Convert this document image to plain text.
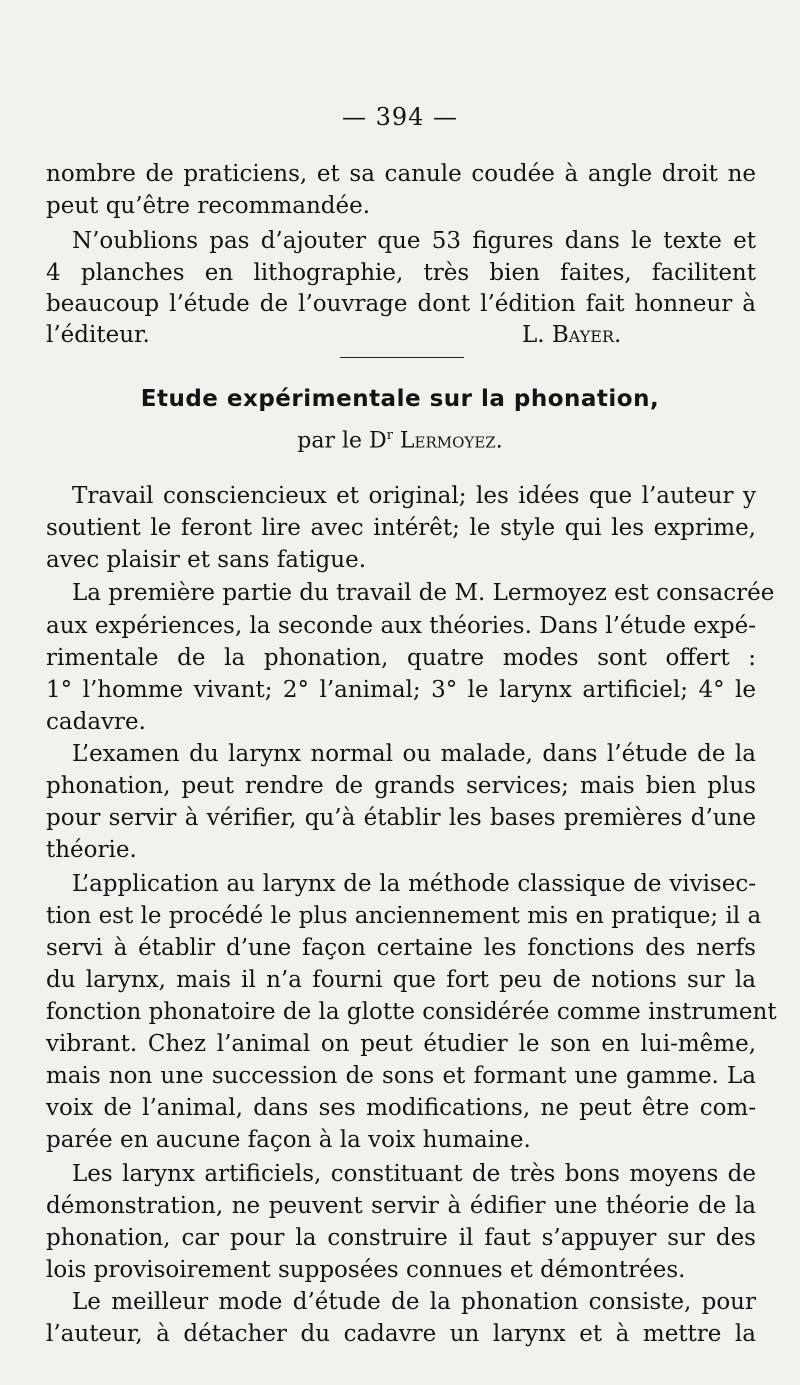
— 394 —
nombre de praticiens, et sa canule coudée à angle droit ne
peut qu’être recommandée.
N’oublions pas d’ajouter que 53 figures dans le texte et
4 planches en lithographie, très bien faites, facilitent
beaucoup l’étude de l’ouvrage dont l’édition fait honneur à
l’éditeur.	L. Bayer.
Etude expérimentale sur la phonation,
par le $D^r$ Lermoyez.
Travail consciencieux et original; les idées que l’auteur y
soutient le feront lire avec intérêt; le style qui les exprime,
avec plaisir et sans fatigue.
La première partie du travail de M. Lermoyez est consacrée
aux expériences, la seconde aux théories. Dans l’étude expé-
rimentale de la phonation, quatre modes sont offert :
1° l’homme vivant; 2° l’animal; 3° le larynx artificiel; 4° le
cadavre.
L’examen du larynx normal ou malade, dans l’étude de la
phonation, peut rendre de grands services; mais bien plus
pour servir à vérifier, qu’à établir les bases premières d’une
théorie.
L’application au larynx de la méthode classique de vivisec-
tion est le procédé le plus anciennement mis en pratique; il a
servi à établir d’une façon certaine les fonctions des nerfs
du larynx, mais il n’a fourni que fort peu de notions sur la
fonction phonatoire de la glotte considérée comme instrument
vibrant. Chez l’animal on peut étudier le son en lui-même,
mais non une succession de sons et formant une gamme. La
voix de l’animal, dans ses modifications, ne peut être com-
parée en aucune façon à la voix humaine.
Les larynx artificiels, constituant de très bons moyens de
démonstration, ne peuvent servir à édifier une théorie de la
phonation, car pour la construire il faut s’appuyer sur des
lois provisoirement supposées connues et démontrées.
Le meilleur mode d’étude de la phonation consiste, pour
l’auteur, à détacher du cadavre un larynx et à mettre la
